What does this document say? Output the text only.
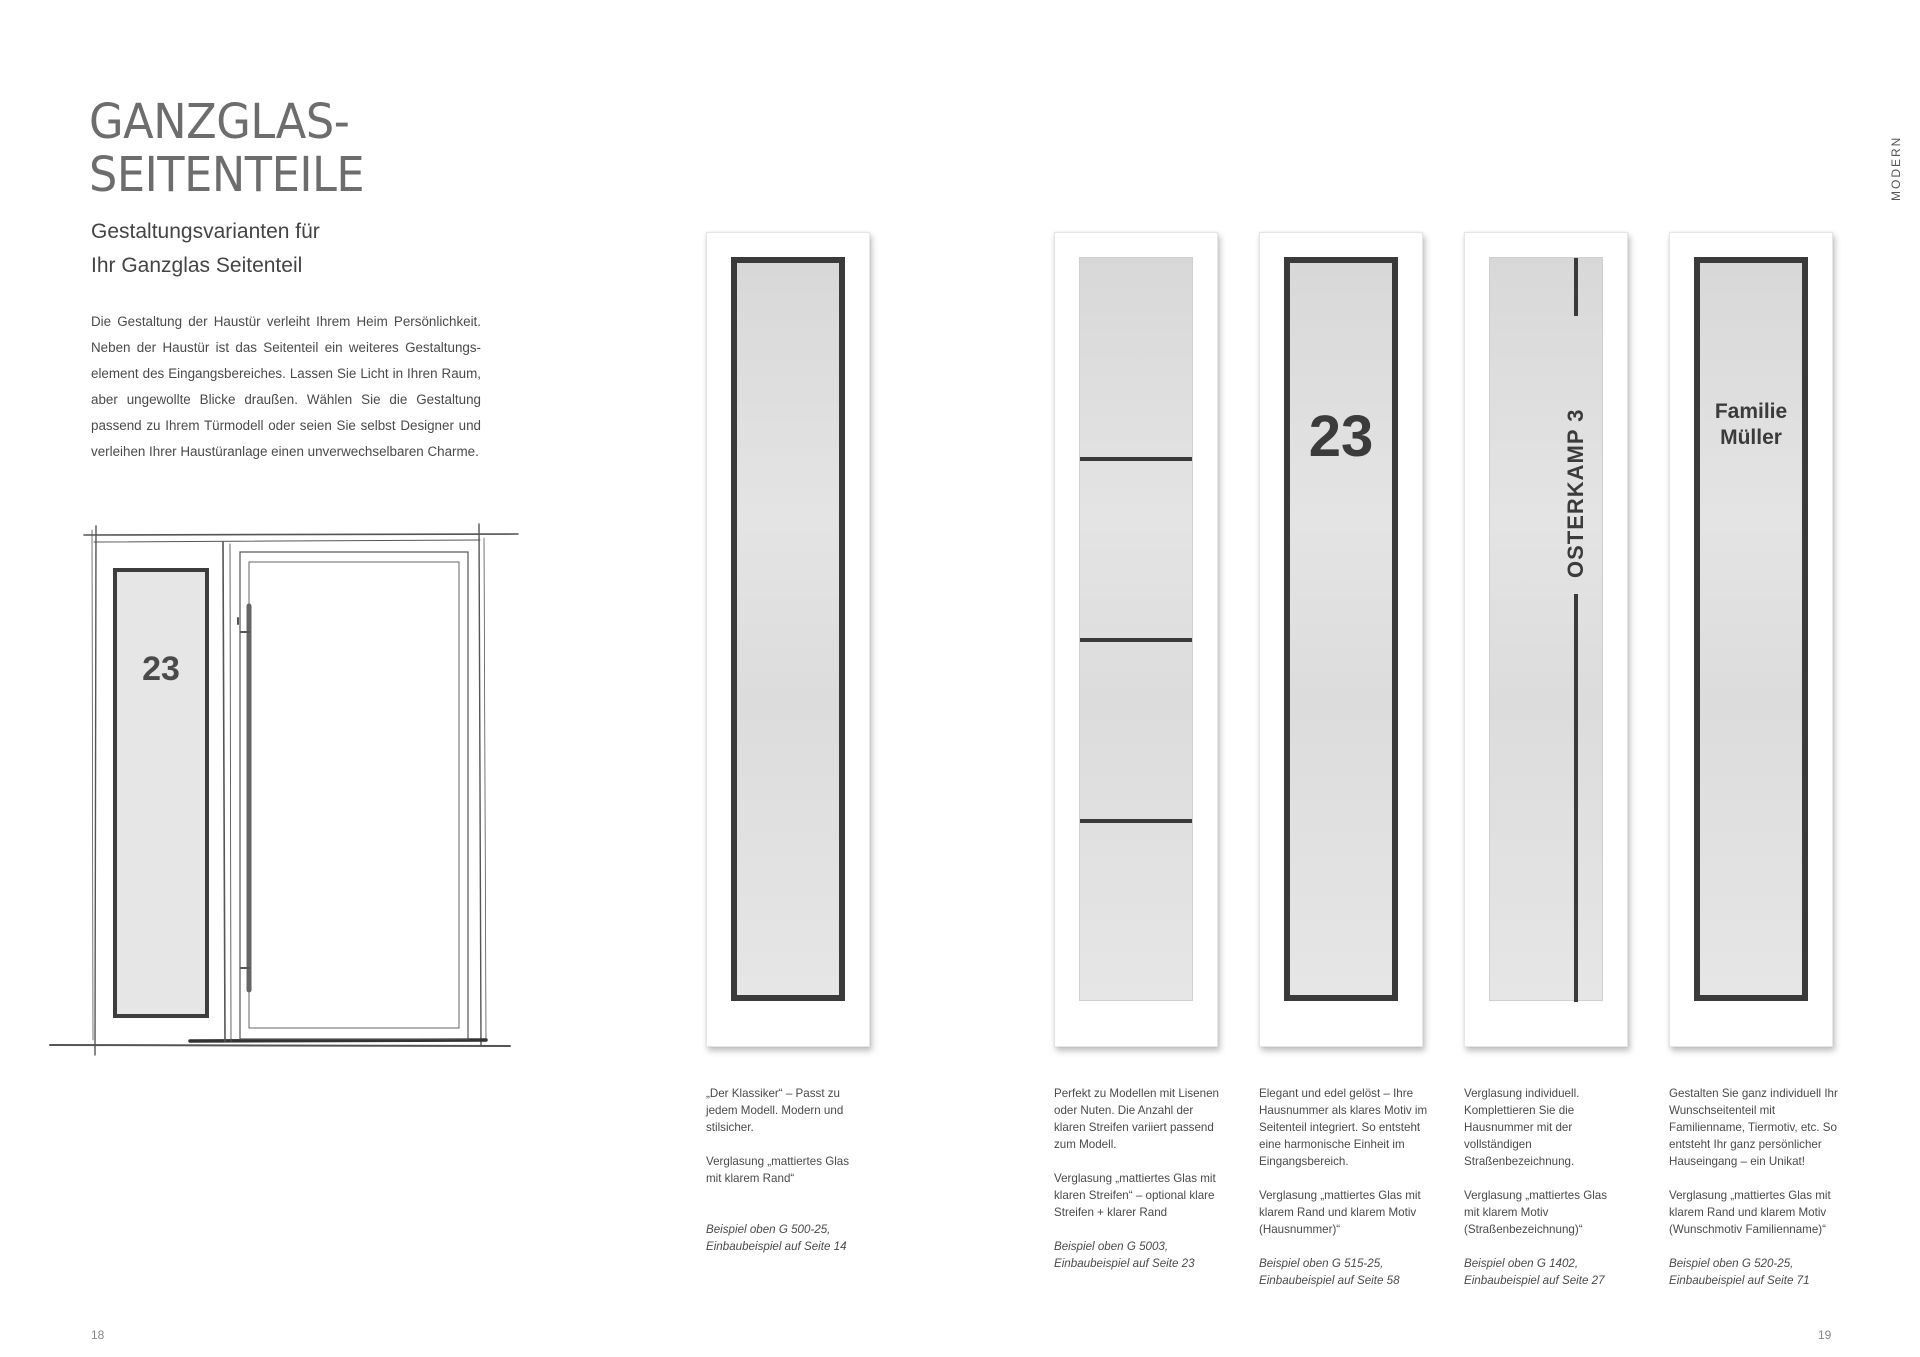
GANZGLAS-
SEITENTEILE
Gestaltungsvarianten für
Ihr Ganzglas Seitenteil
Die Gestaltung der Haustür verleiht Ihrem Heim Persönlichkeit. Neben der Haustür ist das Seitenteil ein weiteres Gestaltungselement des Eingangsbereiches. Lassen Sie Licht in Ihren Raum, aber ungewollte Blicke draußen. Wählen Sie die Gestaltung passend zu Ihrem Türmodell oder seien Sie selbst Designer und verleihen Ihrer Haustüranlage einen unverwechselbaren Charme.
MODERN
23
23	OSTERKAMP 3	Familie
Müller

„Der Klassiker“ – Passt zu jedem Modell. Modern und stilsicher.

Verglasung „mattiertes Glas mit klarem Rand“

Beispiel oben G 500-25,
Einbaubeispiel auf Seite 14

Perfekt zu Modellen mit Lisenen oder Nuten. Die Anzahl der klaren Streifen variiert passend zum Modell.

Verglasung „mattiertes Glas mit klaren Streifen“ – optional klare Streifen + klarer Rand

Beispiel oben G 5003,
Einbaubeispiel auf Seite 23

Elegant und edel gelöst – Ihre Hausnummer als klares Motiv im Seitenteil integriert. So entsteht eine harmonische Einheit im Eingangsbereich.

Verglasung „mattiertes Glas mit klarem Rand und klarem Motiv (Hausnummer)“

Beispiel oben G 515-25,
Einbaubeispiel auf Seite 58

Verglasung individuell. Komplettieren Sie die Hausnummer mit der vollständigen Straßenbezeichnung.

Verglasung „mattiertes Glas mit klarem Motiv (Straßenbezeichnung)“

Beispiel oben G 1402,
Einbaubeispiel auf Seite 27

Gestalten Sie ganz individuell Ihr Wunschseitenteil mit Familienname, Tiermotiv, etc. So entsteht Ihr ganz persönlicher Hauseingang – ein Unikat!

Verglasung „mattiertes Glas mit klarem Rand und klarem Motiv (Wunschmotiv Familienname)“

Beispiel oben G 520-25,
Einbaubeispiel auf Seite 71
18	19
